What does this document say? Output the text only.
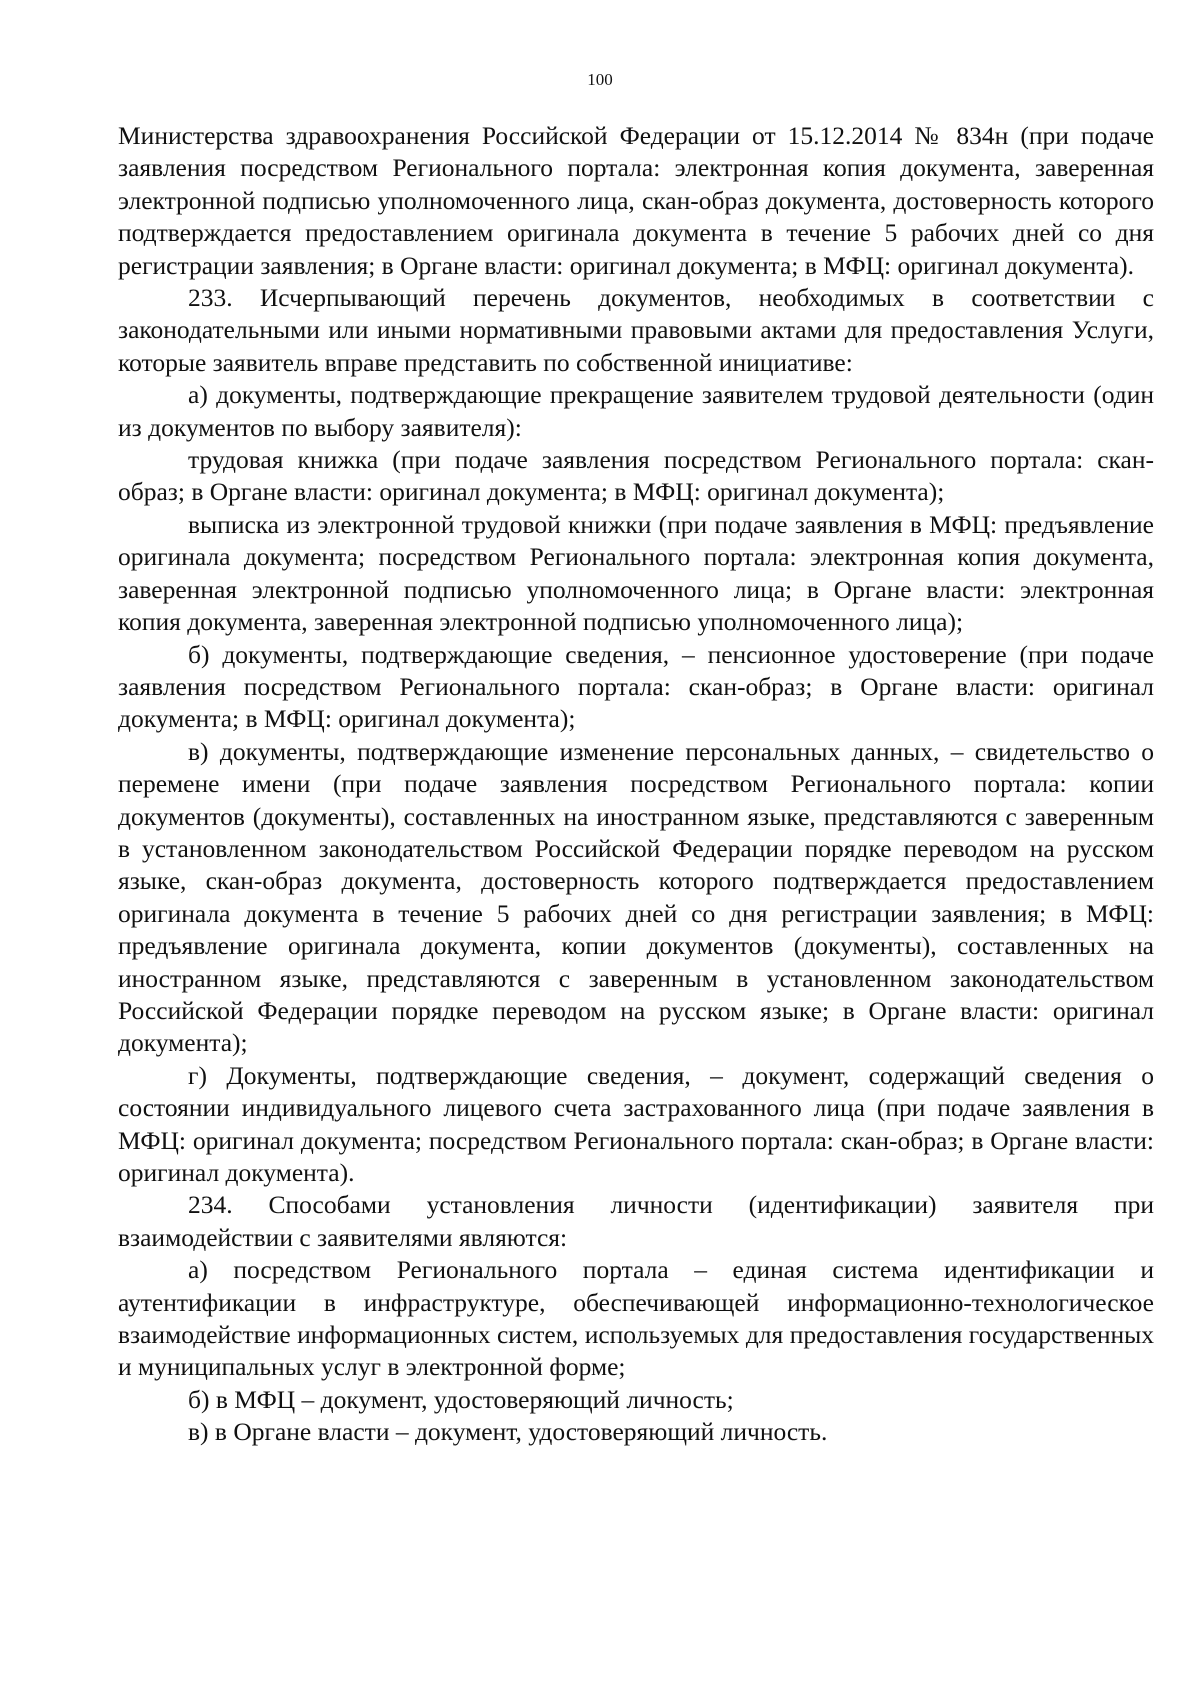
100

Министерства здравоохранения Российской Федерации от 15.12.2014 № 834н (при подаче заявления посредством Регионального портала: электронная копия документа, заверенная электронной подписью уполномоченного лица, скан-образ документа, достоверность которого подтверждается предоставлением оригинала документа в течение 5 рабочих дней со дня регистрации заявления; в Органе власти: оригинал документа; в МФЦ: оригинал документа).

233. Исчерпывающий перечень документов, необходимых в соответствии с законодательными или иными нормативными правовыми актами для предоставления Услуги, которые заявитель вправе представить по собственной инициативе:

а) документы, подтверждающие прекращение заявителем трудовой деятельности (один из документов по выбору заявителя):

трудовая книжка (при подаче заявления посредством Регионального портала: скан-образ; в Органе власти: оригинал документа; в МФЦ: оригинал документа);

выписка из электронной трудовой книжки (при подаче заявления в МФЦ: предъявление оригинала документа; посредством Регионального портала: электронная копия документа, заверенная электронной подписью уполномоченного лица; в Органе власти: электронная копия документа, заверенная электронной подписью уполномоченного лица);

б) документы, подтверждающие сведения, – пенсионное удостоверение (при подаче заявления посредством Регионального портала: скан-образ; в Органе власти: оригинал документа; в МФЦ: оригинал документа);

в) документы, подтверждающие изменение персональных данных, – свидетельство о перемене имени (при подаче заявления посредством Регионального портала: копии документов (документы), составленных на иностранном языке, представляются с заверенным в установленном законодательством Российской Федерации порядке переводом на русском языке, скан-образ документа, достоверность которого подтверждается предоставлением оригинала документа в течение 5 рабочих дней со дня регистрации заявления; в МФЦ: предъявление оригинала документа, копии документов (документы), составленных на иностранном языке, представляются с заверенным в установленном законодательством Российской Федерации порядке переводом на русском языке; в Органе власти: оригинал документа);

г) Документы, подтверждающие сведения, – документ, содержащий сведения о состоянии индивидуального лицевого счета застрахованного лица (при подаче заявления в МФЦ: оригинал документа; посредством Регионального портала: скан-образ; в Органе власти: оригинал документа).

234. Способами установления личности (идентификации) заявителя при взаимодействии с заявителями являются:

а) посредством Регионального портала – единая система идентификации и аутентификации в инфраструктуре, обеспечивающей информационно-технологическое взаимодействие информационных систем, используемых для предоставления государственных и муниципальных услуг в электронной форме;

б) в МФЦ – документ, удостоверяющий личность;

в) в Органе власти – документ, удостоверяющий личность.
